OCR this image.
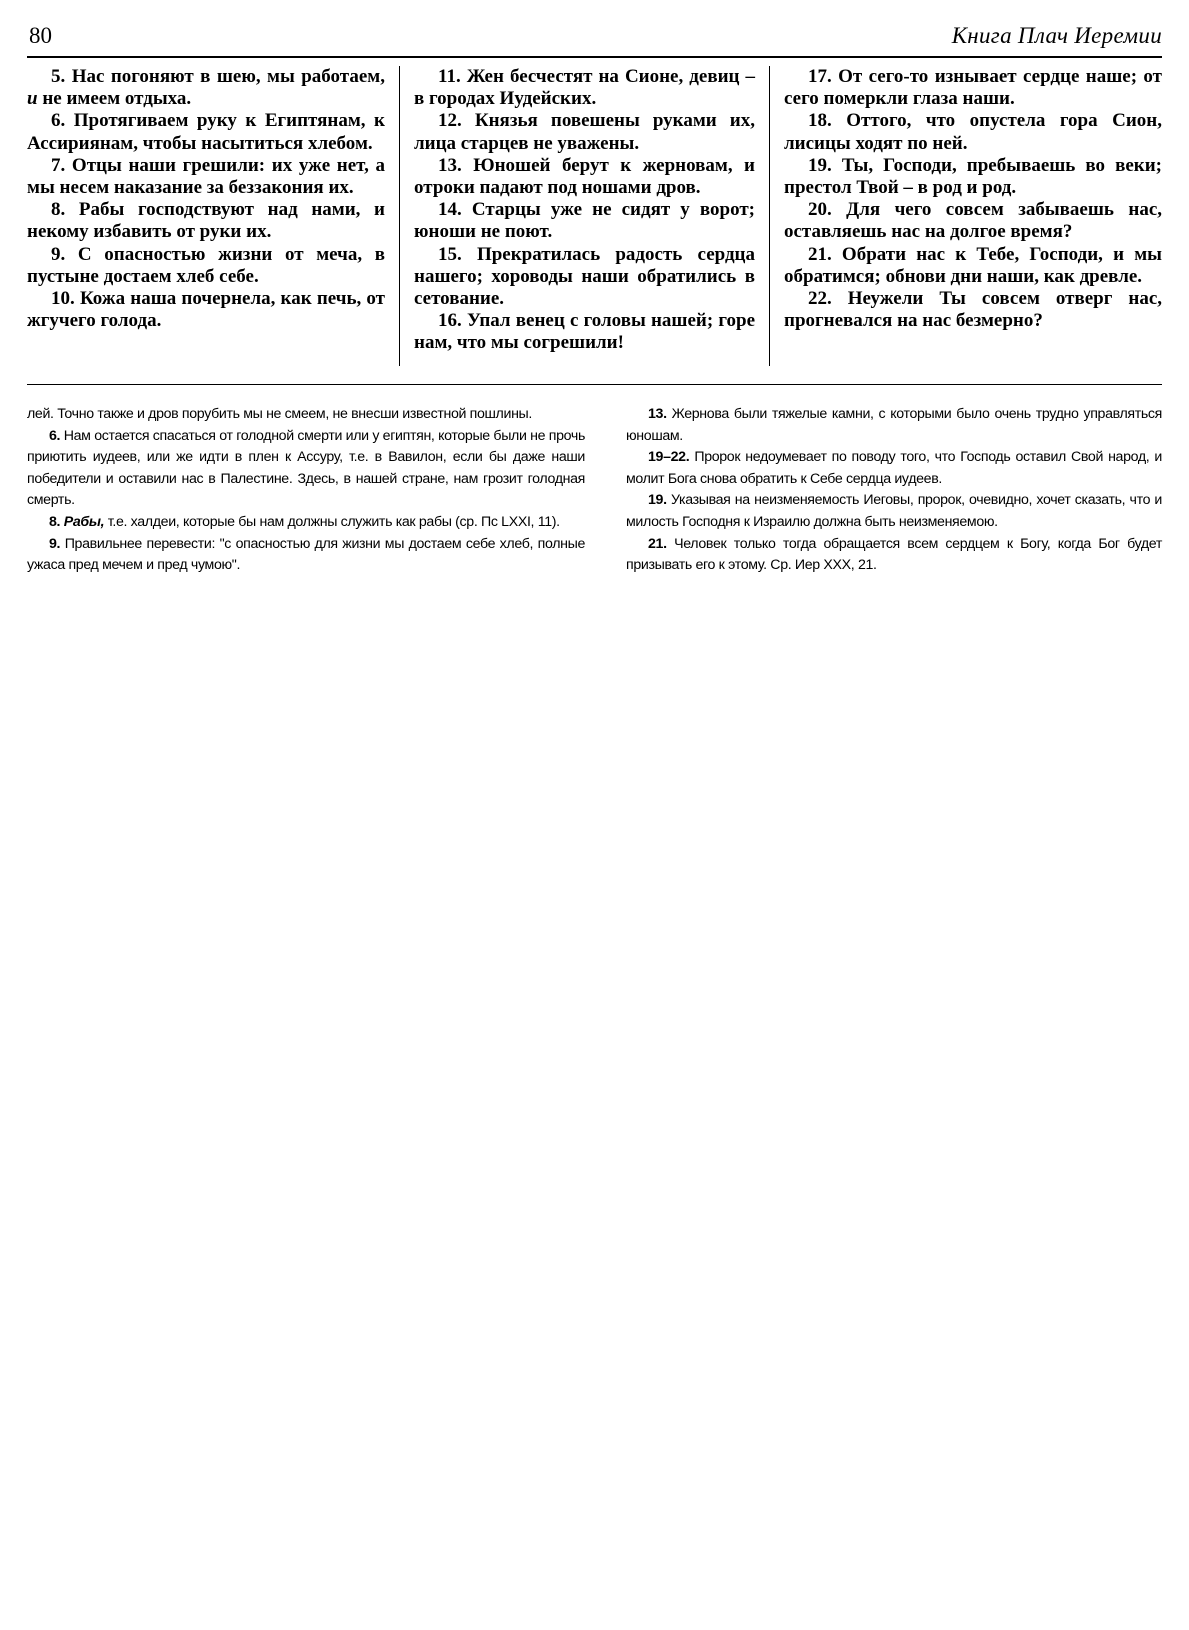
80	Книга Плач Иеремии

5. Нас погоняют в шею, мы работаем, и не имеем отдыха.

6. Протягиваем руку к Египтянам, к Ассириянам, чтобы насытиться хлебом.

7. Отцы наши грешили: их уже нет, а мы несем наказание за беззакония их.

8. Рабы господствуют над нами, и некому избавить от руки их.

9. С опасностью жизни от меча, в пустыне достаем хлеб себе.

10. Кожа наша почернела, как печь, от жгучего голода.

11. Жен бесчестят на Сионе, девиц – в городах Иудейских.

12. Князья повешены руками их, лица старцев не уважены.

13. Юношей берут к жерновам, и отроки падают под ношами дров.

14. Старцы уже не сидят у ворот; юноши не поют.

15. Прекратилась радость сердца нашего; хороводы наши обратились в сетование.

16. Упал венец с головы нашей; горе нам, что мы согрешили!

17. От сего-то изнывает сердце наше; от сего померкли глаза наши.

18. Оттого, что опустела гора Сион, лисицы ходят по ней.

19. Ты, Господи, пребываешь во веки; престол Твой – в род и род.

20. Для чего совсем забываешь нас, оставляешь нас на долгое время?

21. Обрати нас к Тебе, Господи, и мы обратимся; обнови дни наши, как древле.

22. Неужели Ты совсем отверг нас, прогневался на нас безмерно?

лей. Точно также и дров порубить мы не смеем, не внесши известной пошлины.

6. Нам остается спасаться от голодной смерти или у египтян, которые были не прочь приютить иудеев, или же идти в плен к Ассуру, т.е. в Вавилон, если бы даже наши победители и оставили нас в Палестине. Здесь, в нашей стране, нам грозит голодная смерть.

8. Рабы, т.е. халдеи, которые бы нам должны служить как рабы (ср. Пс LXXI, 11).

9. Правильнее перевести: "с опасностью для жизни мы достаем себе хлеб, полные ужаса пред мечем и пред чумою".

13. Жернова были тяжелые камни, с которыми было очень трудно управляться юношам.

19–22. Пророк недоумевает по поводу того, что Господь оставил Свой народ, и молит Бога снова обратить к Себе сердца иудеев.

19. Указывая на неизменяемость Иеговы, пророк, очевидно, хочет сказать, что и милость Господня к Израилю должна быть неизменяемою.

21. Человек только тогда обращается всем сердцем к Богу, когда Бог будет призывать его к этому. Ср. Иер XXX, 21.
